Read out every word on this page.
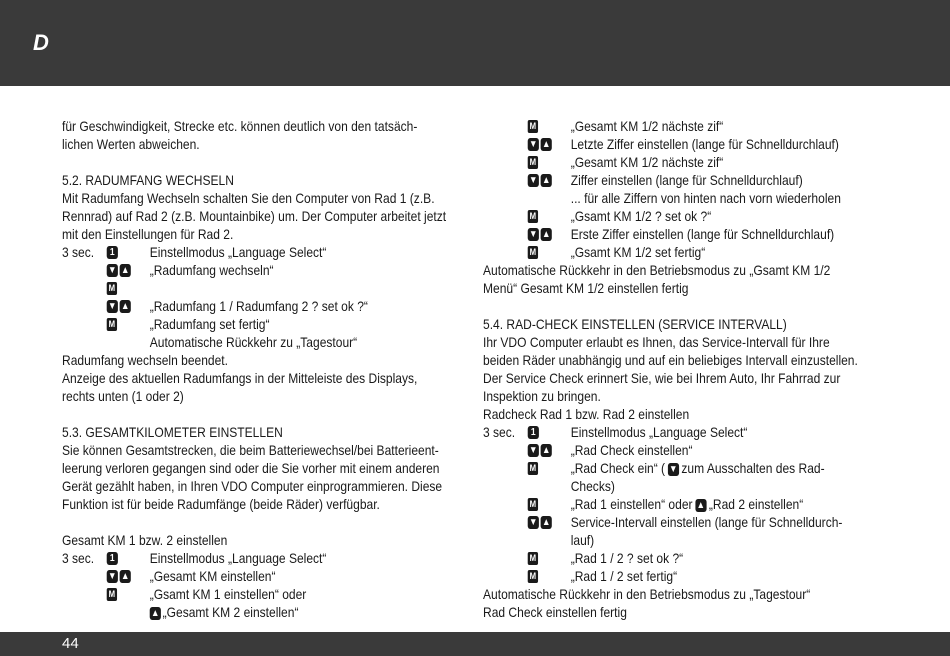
D
für Geschwindigkeit, Strecke etc. können deutlich von den tatsäch-
lichen Werten abweichen.
5.2. RADUMFANG WECHSELN
Mit Radumfang Wechseln schalten Sie den Computer von Rad 1 (z.B.
Rennrad) auf Rad 2 (z.B. Mountainbike) um. Der Computer arbeitet jetzt
mit den Einstellungen für Rad 2.
3 sec.	1	Einstellmodus „Language Select“
▼ ▲ „Radumfang wechseln“
M
▼ ▲ „Radumfang 1 / Radumfang 2 ? set ok ?“
M „Radumfang set fertig“
Automatische Rückkehr zu „Tagestour“
Radumfang wechseln beendet.
Anzeige des aktuellen Radumfangs in der Mitteleiste des Displays,
rechts unten (1 oder 2)
5.3. GESAMTKILOMETER EINSTELLEN
Sie können Gesamtstrecken, die beim Batteriewechsel/bei Batterieent-
leerung verloren gegangen sind oder die Sie vorher mit einem anderen
Gerät gezählt haben, in Ihren VDO Computer einprogrammieren. Diese
Funktion ist für beide Radumfänge (beide Räder) verfügbar.
Gesamt KM 1 bzw. 2 einstellen
3 sec.	1	Einstellmodus „Language Select“
▼ ▲ „Gesamt KM einstellen“
M „Gsamt KM 1 einstellen“ oder
▲ „Gesamt KM 2 einstellen“
M „Gesamt KM 1/2 nächste zif“
▼ ▲ Letzte Ziffer einstellen (lange für Schnelldurchlauf)
M „Gesamt KM 1/2 nächste zif“
▼ ▲ Ziffer einstellen (lange für Schnelldurchlauf)
... für alle Ziffern von hinten nach vorn wiederholen
M „Gsamt KM 1/2 ? set ok ?“
▼ ▲ Erste Ziffer einstellen (lange für Schnelldurchlauf)
M „Gsamt KM 1/2 set fertig“
Automatische Rückkehr in den Betriebsmodus zu „Gsamt KM 1/2
Menü“ Gesamt KM 1/2 einstellen fertig
5.4. RAD-CHECK EINSTELLEN (SERVICE INTERVALL)
Ihr VDO Computer erlaubt es Ihnen, das Service-Intervall für Ihre
beiden Räder unabhängig und auf ein beliebiges Intervall einzustellen.
Der Service Check erinnert Sie, wie bei Ihrem Auto, Ihr Fahrrad zur
Inspektion zu bringen.
Radcheck Rad 1 bzw. Rad 2 einstellen
3 sec.	1	Einstellmodus „Language Select“
▼ ▲ „Rad Check einstellen“
M „Rad Check ein“ ( ▼ zum Ausschalten des Rad-
Checks)
M „Rad 1 einstellen“ oder ▲ „Rad 2 einstellen“
▼ ▲ Service-Intervall einstellen (lange für Schnelldurch-
lauf)
M „Rad 1 / 2 ? set ok ?“
M „Rad 1 / 2 set fertig“
Automatische Rückkehr in den Betriebsmodus zu „Tagestour“
Rad Check einstellen fertig
44
